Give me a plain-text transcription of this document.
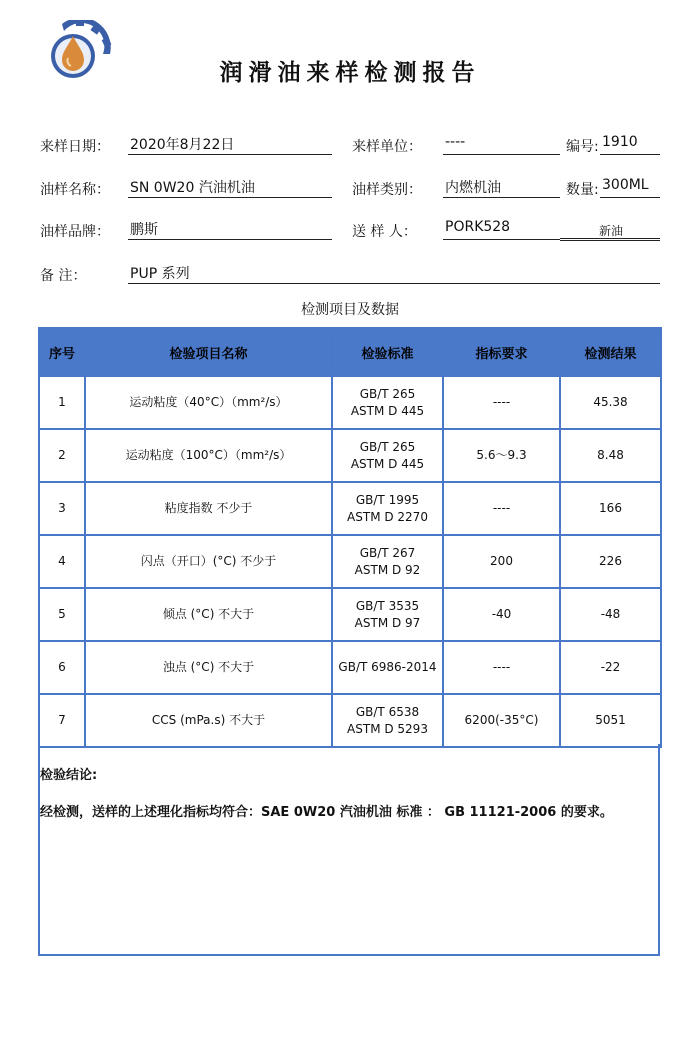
润滑油来样检测报告
来样日期： 2020年8月22日	来样单位： ----	编号: 1910
油样名称： SN 0W20 汽油机油	油样类别： 内燃机油	数量: 300ML
油样品牌： 鹏斯	送 样 人： PORK528	新油
备 注：	PUP 系列
检测项目及数据
序号	检验项目名称	检验标准	指标要求	检测结果
1	运动粘度（40°C）（mm²/s）	GB/T 265
ASTM D 445	----	45.38
2	运动粘度（100°C）（mm²/s）	GB/T 265
ASTM D 445	5.6～9.3	8.48
3	粘度指数 不少于	GB/T 1995
ASTM D 2270	----	166
4	闪点（开口）(°C) 不少于	GB/T 267
ASTM D 92	200	226
5	倾点 (°C) 不大于	GB/T 3535
ASTM D 97	-40	-48
6	浊点 (°C) 不大于	GB/T 6986-2014	----	-22
7	CCS (mPa.s) 不大于	GB/T 6538
ASTM D 5293	6200(-35°C)	5051
检验结论:
经检测，送样的上述理化指标均符合：SAE 0W20 汽油机油 标准 ： GB 11121-2006 的要求。
